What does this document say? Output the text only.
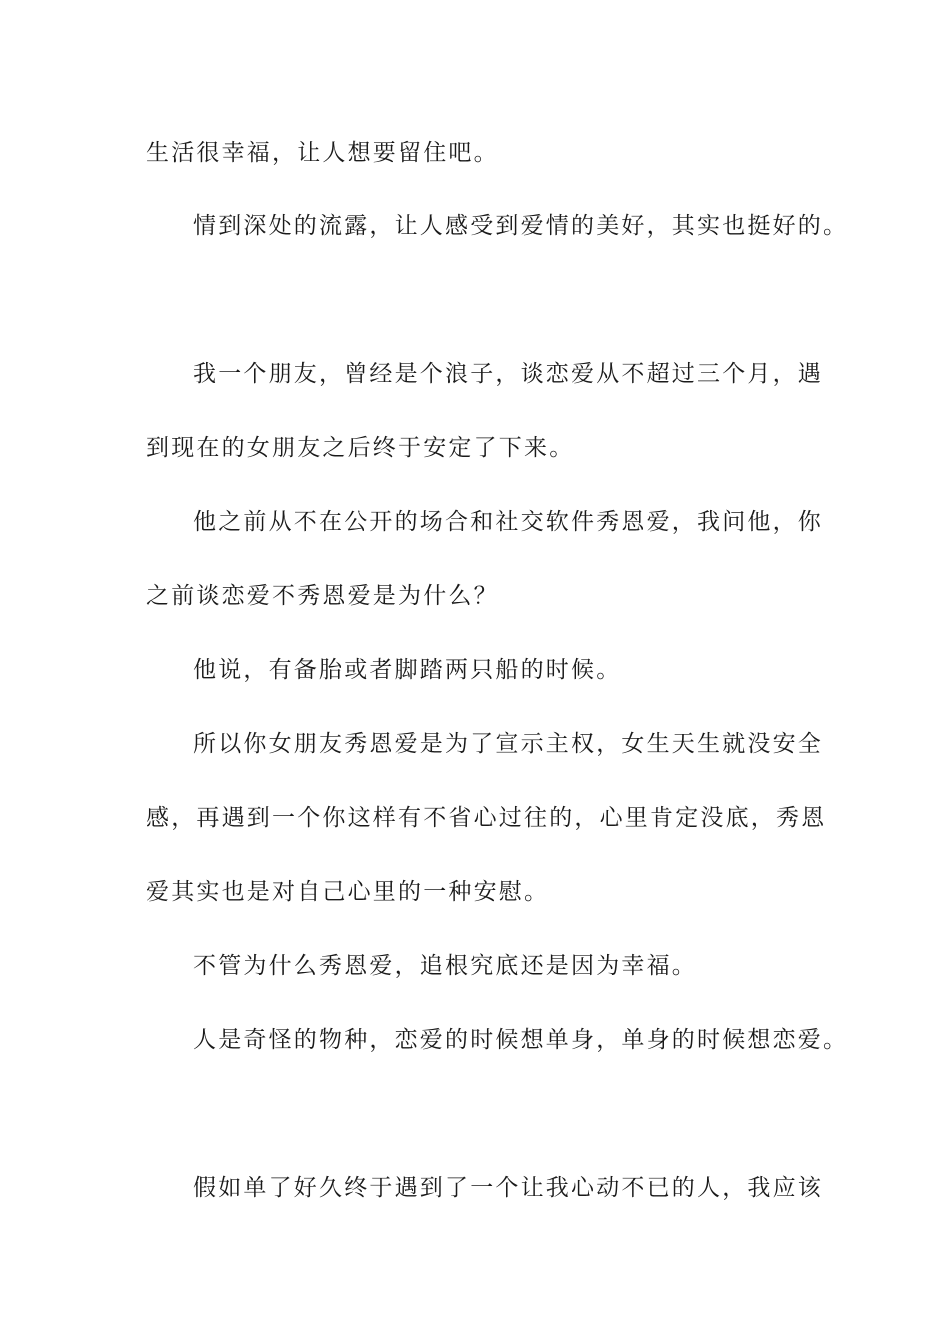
生活很幸福，让人想要留住吧。
情到深处的流露，让人感受到爱情的美好，其实也挺好的。
我一个朋友，曾经是个浪子，谈恋爱从不超过三个月，遇
到现在的女朋友之后终于安定了下来。
他之前从不在公开的场合和社交软件秀恩爱，我问他，你
之前谈恋爱不秀恩爱是为什么？
他说，有备胎或者脚踏两只船的时候。
所以你女朋友秀恩爱是为了宣示主权，女生天生就没安全
感，再遇到一个你这样有不省心过往的，心里肯定没底，秀恩
爱其实也是对自己心里的一种安慰。
不管为什么秀恩爱，追根究底还是因为幸福。
人是奇怪的物种，恋爱的时候想单身，单身的时候想恋爱。
假如单了好久终于遇到了一个让我心动不已的人，我应该
